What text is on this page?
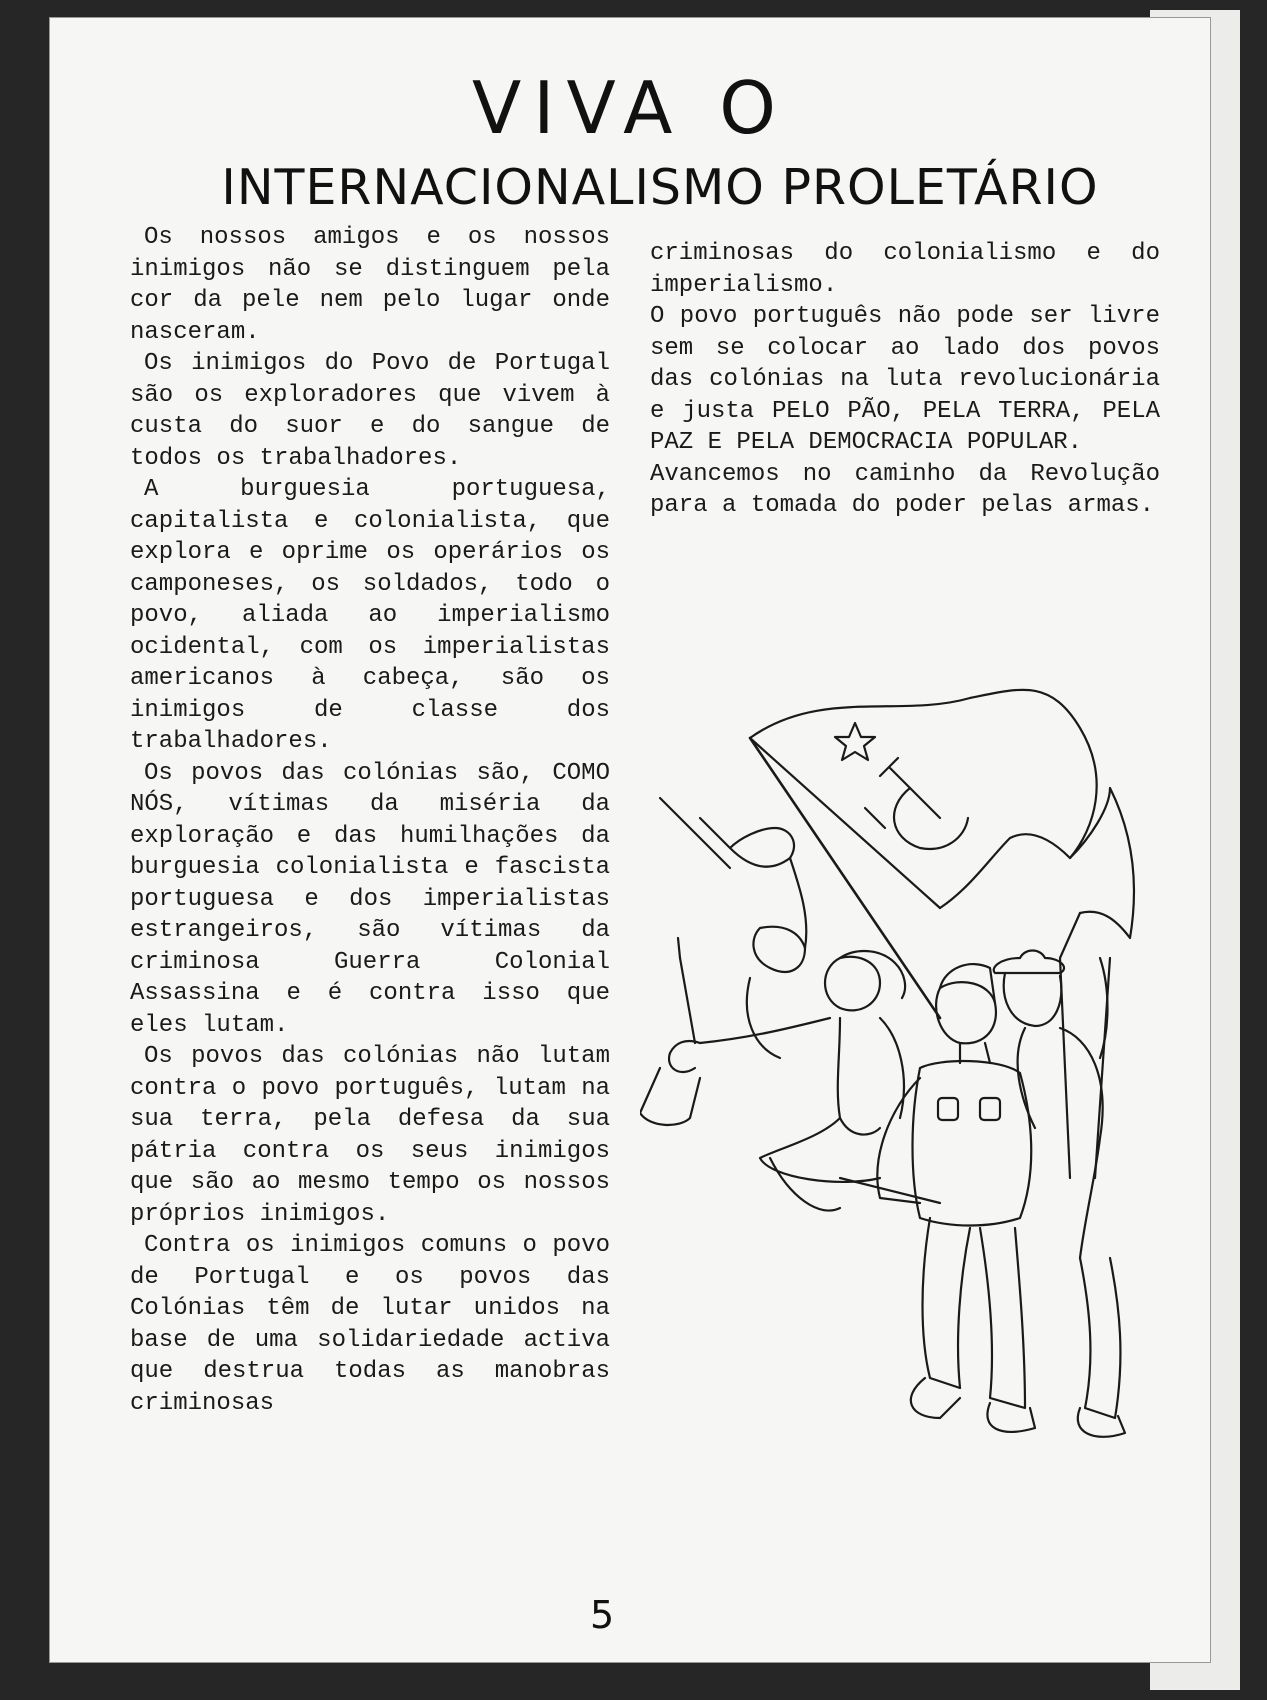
VIVA O
INTERNACIONALISMO PROLETÁRIO

Os nossos amigos e os nossos inimigos não se distinguem pela cor da pele nem pelo lugar onde nasceram.

Os inimigos do Povo de Portugal são os exploradores que vivem à custa do suor e do sangue de todos os trabalhadores.

A burguesia portuguesa, capitalista e colonialista, que explora e oprime os operários os camponeses, os soldados, todo o povo, aliada ao imperialismo ocidental, com os imperialistas americanos à cabeça, são os inimigos de classe dos trabalhadores.

Os povos das colónias são, COMO NÓS, vítimas da miséria da exploração e das humilhações da burguesia colonialista e fascista portuguesa e dos imperialistas estrangeiros, são vítimas da criminosa Guerra Colonial Assassina e é contra isso que eles lutam.

Os povos das colónias não lutam contra o povo português, lutam na sua terra, pela defesa da sua pátria contra os seus inimigos que são ao mesmo tempo os nossos próprios inimigos.

Contra os inimigos comuns o povo de Portugal e os povos das Colónias têm de lutar unidos na base de uma solidariedade activa que destrua todas as manobras criminosas

criminosas do colonialismo e do imperialismo.

O povo português não pode ser livre sem se colocar ao lado dos povos das colónias na luta revolucionária e justa PELO PÃO, PELA TERRA, PELA PAZ E PELA DEMOCRACIA POPULAR.

Avancemos no caminho da Revolução para a tomada do poder pelas armas.

5
